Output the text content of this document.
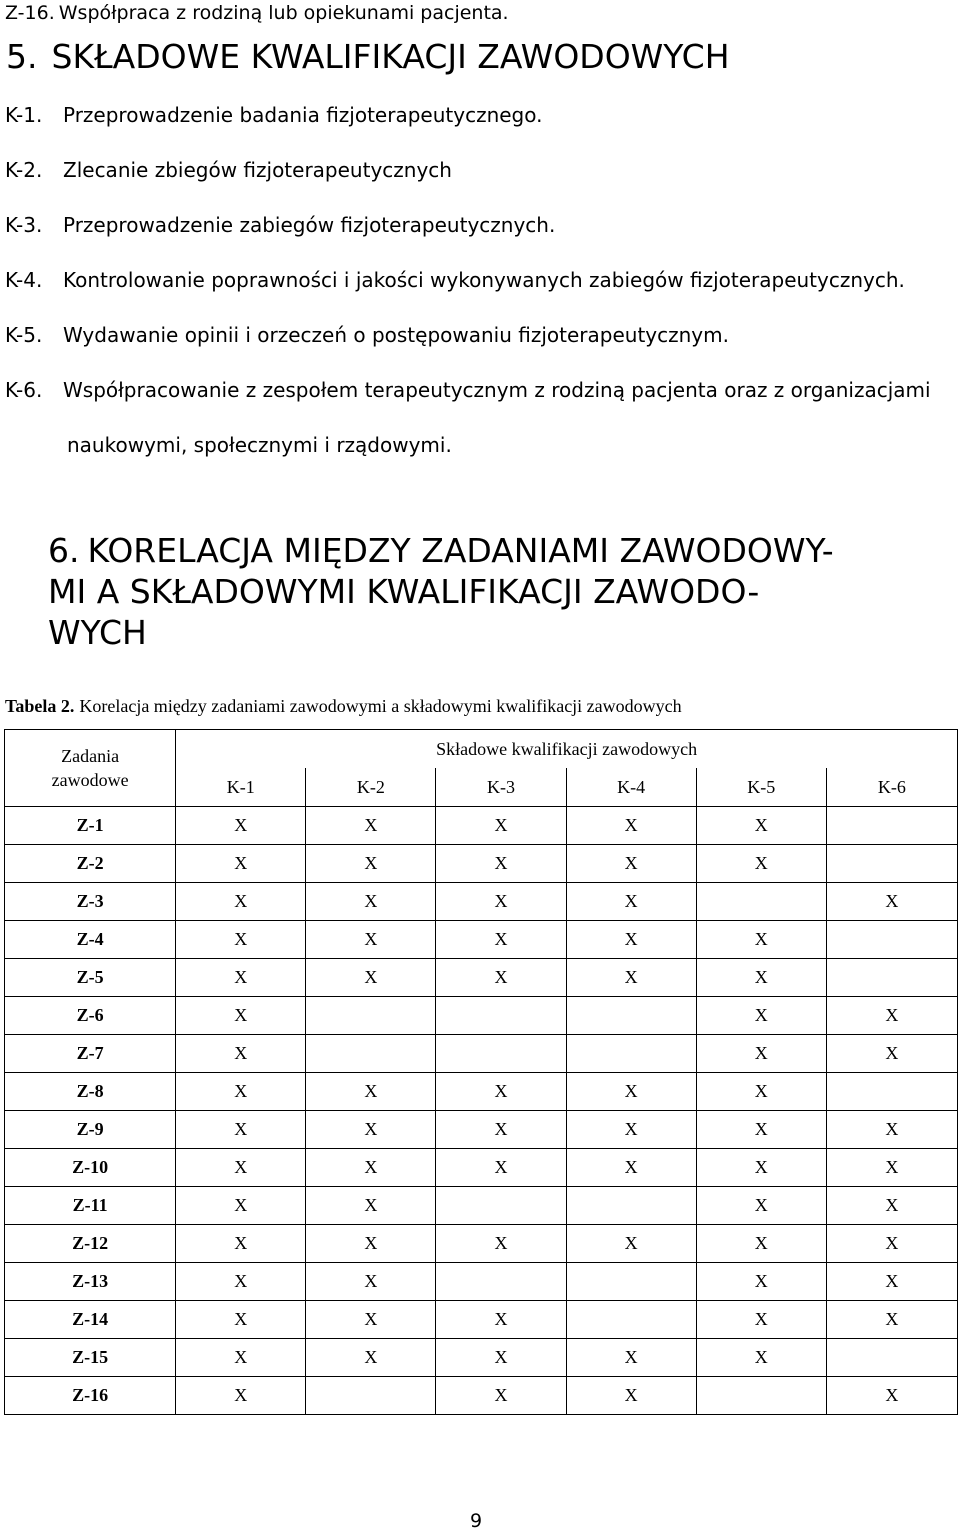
Z-16. Współpraca z rodziną lub opiekunami pacjenta.
5. SKŁADOWE KWALIFIKACJI ZAWODOWYCH
K-1. Przeprowadzenie badania fizjoterapeutycznego.
K-2. Zlecanie zbiegów fizjoterapeutycznych
K-3. Przeprowadzenie zabiegów fizjoterapeutycznych.
K-4. Kontrolowanie poprawności i jakości wykonywanych zabiegów fizjoterapeutycznych.
K-5. Wydawanie opinii i orzeczeń o postępowaniu fizjoterapeutycznym.
K-6. Współpracowanie z zespołem terapeutycznym z rodziną pacjenta oraz z organizacjami
naukowymi, społecznymi i rządowymi.
6. KORELACJA MIĘDZY ZADANIAMI ZAWODOWY-
MI A SKŁADOWYMI KWALIFIKACJI ZAWODO-
WYCH
Tabela 2. Korelacja między zadaniami zawodowymi a składowymi kwalifikacji zawodowych
Zadania
zawodowe	Składowe kwalifikacji zawodowych					
	K-1	K-2	K-3	K-4	K-5	K-6
Z-1	X	X	X	X	X	
Z-2	X	X	X	X	X	
Z-3	X	X	X	X		X
Z-4	X	X	X	X	X	
Z-5	X	X	X	X	X	
Z-6	X				X	X
Z-7	X				X	X
Z-8	X	X	X	X	X	
Z-9	X	X	X	X	X	X
Z-10	X	X	X	X	X	X
Z-11	X	X			X	X
Z-12	X	X	X	X	X	X
Z-13	X	X			X	X
Z-14	X	X	X		X	X
Z-15	X	X	X	X	X	
Z-16	X		X	X		X
9
